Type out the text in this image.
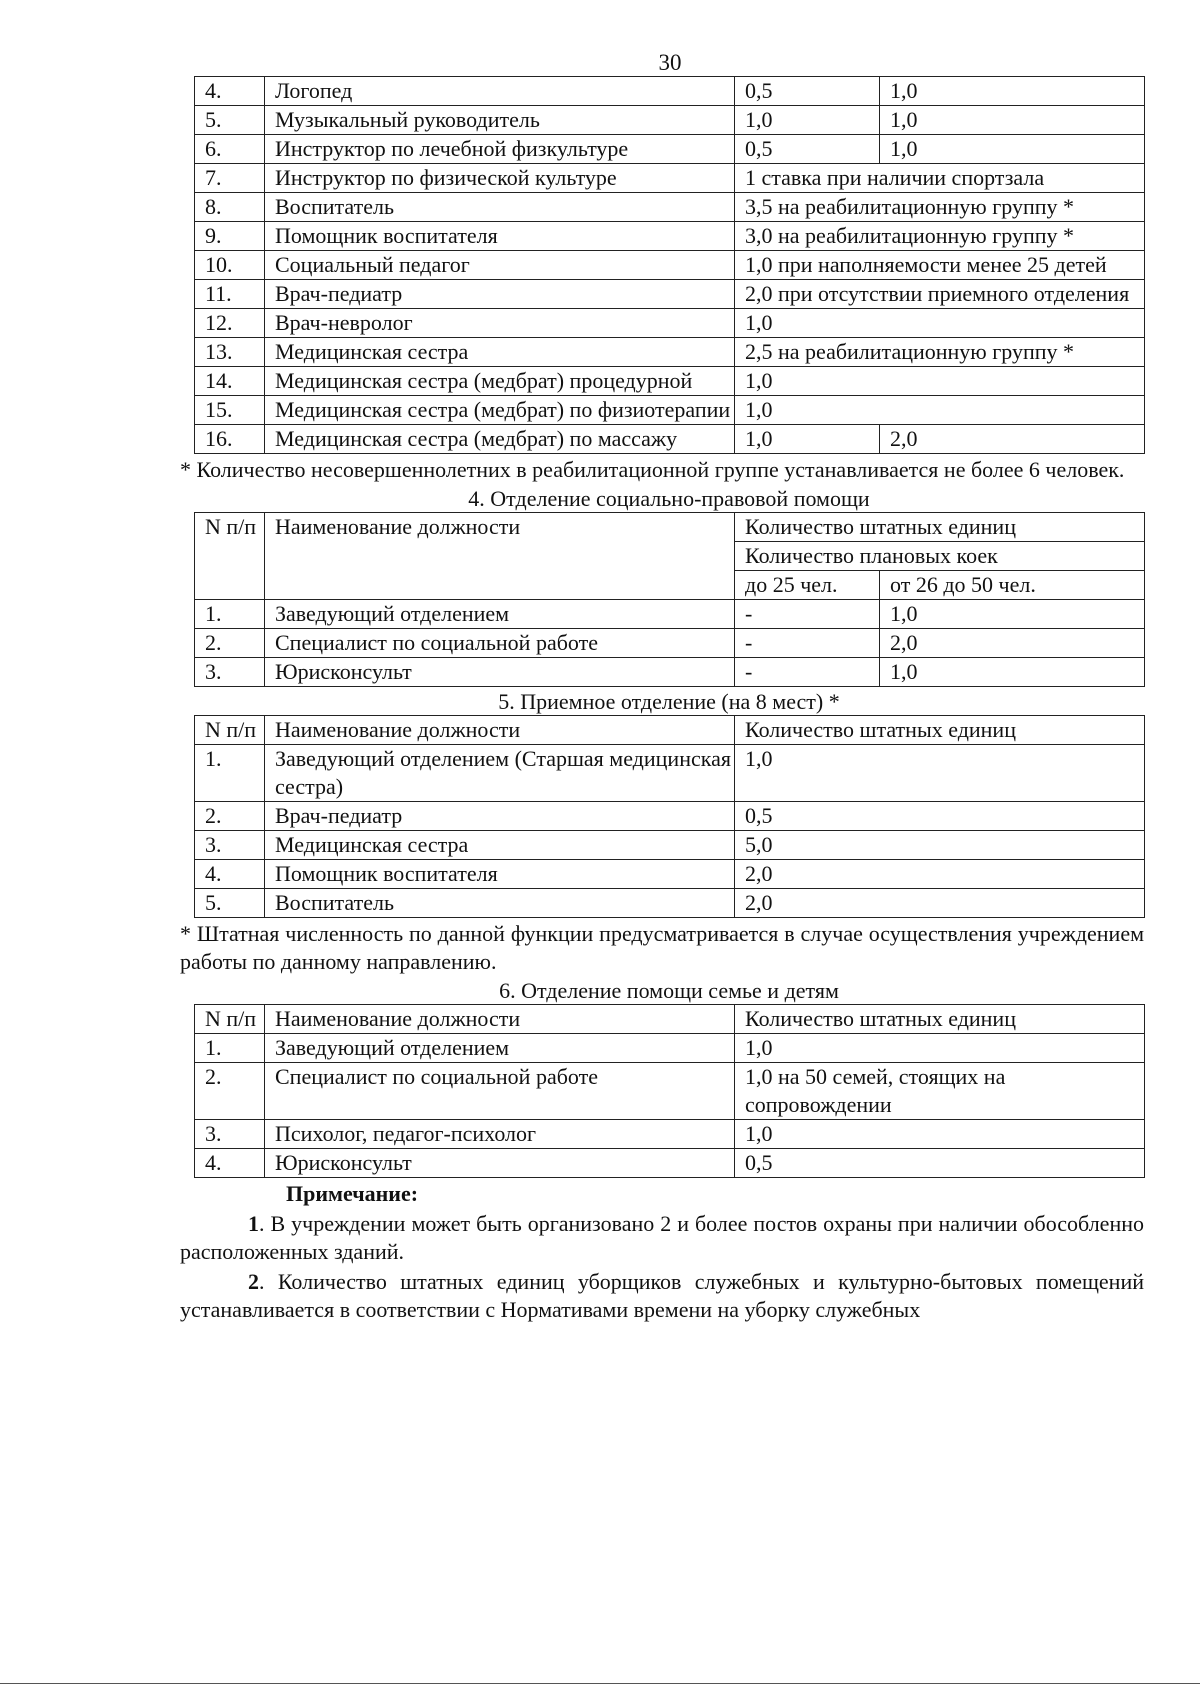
30
4.	Логопед	0,5	1,0
5.	Музыкальный руководитель	1,0	1,0
6.	Инструктор по лечебной физкультуре	0,5	1,0
7.	Инструктор по физической культуре	1 ставка при наличии спортзала	
8.	Воспитатель	3,5 на реабилитационную группу *	
9.	Помощник воспитателя	3,0 на реабилитационную группу *	
10.	Социальный педагог	1,0 при наполняемости менее 25 детей	
11.	Врач-педиатр	2,0 при отсутствии приемного отделения	
12.	Врач-невролог	1,0	
13.	Медицинская сестра	2,5 на реабилитационную группу *	
14.	Медицинская сестра (медбрат) процедурной	1,0	
15.	Медицинская сестра (медбрат) по физиотерапии	1,0	
16.	Медицинская сестра (медбрат) по массажу	1,0	2,0
* Количество несовершеннолетних в реабилитационной группе устанавливается не более 6 человек.
4. Отделение социально-правовой помощи
N п/п	Наименование должности	Количество штатных единиц	
		Количество плановых коек	
		до 25 чел.	от 26 до 50 чел.
1.	Заведующий отделением	-	1,0
2.	Специалист по социальной работе	-	2,0
3.	Юрисконсульт	-	1,0
5. Приемное отделение (на 8 мест) *
N п/п	Наименование должности	Количество штатных единиц
1.	Заведующий отделением (Старшая медицинская сестра)	1,0
2.	Врач-педиатр	0,5
3.	Медицинская сестра	5,0
4.	Помощник воспитателя	2,0
5.	Воспитатель	2,0
* Штатная численность по данной функции предусматривается в случае осуществления учреждением работы по данному направлению.
6. Отделение помощи семье и детям
N п/п	Наименование должности	Количество штатных единиц
1.	Заведующий отделением	1,0
2.	Специалист по социальной работе	1,0 на 50 семей, стоящих на сопровождении
3.	Психолог, педагог-психолог	1,0
4.	Юрисконсульт	0,5
Примечание:
1. В учреждении может быть организовано 2 и более постов охраны при наличии обособленно расположенных зданий.
2. Количество штатных единиц уборщиков служебных и культурно-бытовых помещений устанавливается в соответствии с Нормативами времени на уборку служебных
